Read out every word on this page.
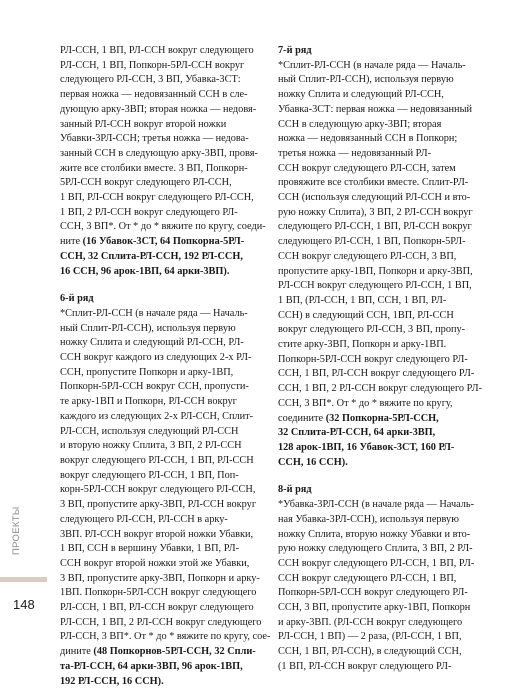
РЛ-ССН, 1 ВП, РЛ-ССН вокруг следующего

РЛ-ССН, 1 ВП, Попкорн-5РЛ-ССН вокруг

следующего РЛ-ССН, 3 ВП, Убавка-3СТ:

первая ножка — недовязанный ССН в сле-

дующую арку-3ВП; вторая ножка — недовя-

занный РЛ-ССН вокруг второй ножки

Убавки-3РЛ-ССН; третья ножка — недова-

занный ССН в следующую арку-3ВП, провя-

жите все столбики вместе. 3 ВП, Попкорн-

5РЛ-ССН вокруг следующего РЛ-ССН,

1 ВП, РЛ-ССН вокруг следующего РЛ-ССН,

1 ВП, 2 РЛ-ССН вокруг следующего РЛ-

ССН, 3 ВП*. От * до * вяжите по кругу, соеди-

ните (16 Убавок-3СТ, 64 Попкорна-5РЛ-

ССН, 32 Сплита-РЛ-ССН, 192 РЛ-ССН,

16 ССН, 96 арок-1ВП, 64 арки-3ВП).

6-й ряд

*Сплит-РЛ-ССН (в начале ряда — Началь-

ный Сплит-РЛ-ССН), используя первую

ножку Сплита и следующий РЛ-ССН, РЛ-

ССН вокруг каждого из следующих 2-х РЛ-

ССН, пропустите Попкорн и арку-1ВП,

Попкорн-5РЛ-ССН вокруг ССН, пропусти-

те арку-1ВП и Попкорн, РЛ-ССН вокруг

каждого из следующих 2-х РЛ-ССН, Сплит-

РЛ-ССН, используя следующий РЛ-ССН

и вторую ножку Сплита, 3 ВП, 2 РЛ-ССН

вокруг следующего РЛ-ССН, 1 ВП, РЛ-ССН

вокруг следующего РЛ-ССН, 1 ВП, Поп-

корн-5РЛ-ССН вокруг следующего РЛ-ССН,

3 ВП, пропустите арку-3ВП, РЛ-ССН вокруг

следующего РЛ-ССН, РЛ-ССН в арку-

3ВП. РЛ-ССН вокруг второй ножки Убавки,

1 ВП, ССН в вершину Убавки, 1 ВП, РЛ-

ССН вокруг второй ножки этой же Убавки,

3 ВП, пропустите арку-3ВП, Попкорн и арку-

1ВП. Попкорн-5РЛ-ССН вокруг следующего

РЛ-ССН, 1 ВП, РЛ-ССН вокруг следующего

РЛ-ССН, 1 ВП, 2 РЛ-ССН вокруг следующего

РЛ-ССН, 3 ВП*. От * до * вяжите по кругу, сое-

дините (48 Попкорнов-5РЛ-ССН, 32 Спли-

та-РЛ-ССН, 64 арки-3ВП, 96 арок-1ВП,

192 РЛ-ССН, 16 ССН).

7-й ряд

*Сплит-РЛ-ССН (в начале ряда — Началь-

ный Сплит-РЛ-ССН), используя первую

ножку Сплита и следующий РЛ-ССН,

Убавка-3СТ: первая ножка — недовязанный

ССН в следующую арку-3ВП; вторая

ножка — недовязанный ССН в Попкорн;

третья ножка — недовязанный РЛ-

ССН вокруг следующего РЛ-ССН, затем

провяжите все столбики вместе. Сплит-РЛ-

ССН (используя следующий РЛ-ССН и вто-

рую ножку Сплита), 3 ВП, 2 РЛ-ССН вокруг

следующего РЛ-ССН, 1 ВП, РЛ-ССН вокруг

следующего РЛ-ССН, 1 ВП, Попкорн-5РЛ-

ССН вокруг следующего РЛ-ССН, 3 ВП,

пропустите арку-1ВП, Попкорн и арку-3ВП,

РЛ-ССН вокруг следующего РЛ-ССН, 1 ВП,

1 ВП, (РЛ-ССН, 1 ВП, ССН, 1 ВП, РЛ-

ССН) в следующий ССН, 1ВП, РЛ-ССН

вокруг следующего РЛ-ССН, 3 ВП, пропу-

стите арку-3ВП, Попкорн и арку-1ВП.

Попкорн-5РЛ-ССН вокруг следующего РЛ-

ССН, 1 ВП, РЛ-ССН вокруг следующего РЛ-

ССН, 1 ВП, 2 РЛ-ССН вокруг следующего РЛ-

ССН, 3 ВП*. От * до * вяжите по кругу,

соедините (32 Попкорна-5РЛ-ССН,

32 Сплита-РЛ-ССН, 64 арки-3ВП,

128 арок-1ВП, 16 Убавок-3СТ, 160 РЛ-

ССН, 16 ССН).

8-й ряд

*Убавка-3РЛ-ССН (в начале ряда — Началь-

ная Убавка-3РЛ-ССН), используя первую

ножку Сплита, вторую ножку Убавки и вто-

рую ножку следующего Сплита, 3 ВП, 2 РЛ-

ССН вокруг следующего РЛ-ССН, 1 ВП, РЛ-

ССН вокруг следующего РЛ-ССН, 1 ВП,

Попкорн-5РЛ-ССН вокруг следующего РЛ-

ССН, 3 ВП, пропустите арку-1ВП, Попкорн

и арку-3ВП. (РЛ-ССН вокруг следующего

РЛ-ССН, 1 ВП) — 2 раза, (РЛ-ССН, 1 ВП,

ССН, 1 ВП, РЛ-ССН), в следующий ССН,

(1 ВП, РЛ-ССН вокруг следующего РЛ-

ПРОЕКТЫ
148
